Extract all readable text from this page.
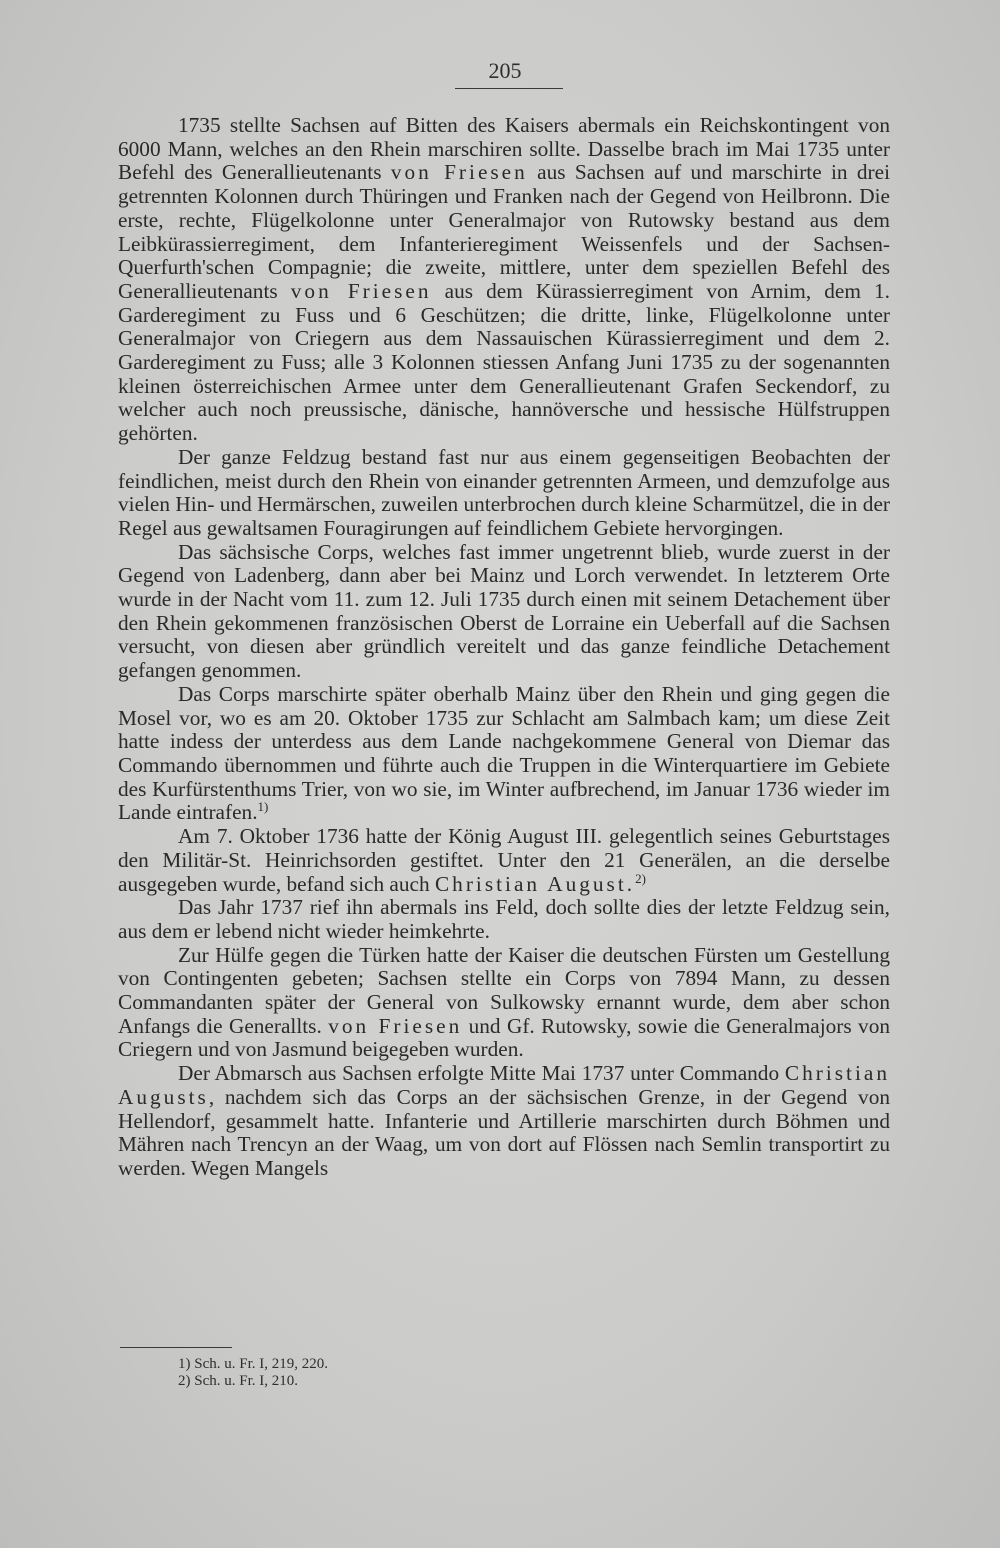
205

1735 stellte Sachsen auf Bitten des Kaisers abermals ein Reichskontingent von 6000 Mann, welches an den Rhein marschiren sollte. Dasselbe brach im Mai 1735 unter Befehl des Generallieutenants von Friesen aus Sachsen auf und marschirte in drei getrennten Kolonnen durch Thüringen und Franken nach der Gegend von Heilbronn. Die erste, rechte, Flügelkolonne unter Generalmajor von Rutowsky bestand aus dem Leibkürassierregiment, dem Infanterieregiment Weissenfels und der Sachsen-Querfurth'schen Compagnie; die zweite, mittlere, unter dem speziellen Befehl des Generallieutenants von Friesen aus dem Kürassierregiment von Arnim, dem 1. Garderegiment zu Fuss und 6 Geschützen; die dritte, linke, Flügelkolonne unter Generalmajor von Criegern aus dem Nassauischen Kürassierregiment und dem 2. Garderegiment zu Fuss; alle 3 Kolonnen stiessen Anfang Juni 1735 zu der sogenannten kleinen österreichischen Armee unter dem Generallieutenant Grafen Seckendorf, zu welcher auch noch preussische, dänische, hannöversche und hessische Hülfstruppen gehörten.

Der ganze Feldzug bestand fast nur aus einem gegenseitigen Beobachten der feindlichen, meist durch den Rhein von einander getrennten Armeen, und demzufolge aus vielen Hin- und Hermärschen, zuweilen unterbrochen durch kleine Scharmützel, die in der Regel aus gewaltsamen Fouragirungen auf feindlichem Gebiete hervorgingen.

Das sächsische Corps, welches fast immer ungetrennt blieb, wurde zuerst in der Gegend von Ladenberg, dann aber bei Mainz und Lorch verwendet. In letzterem Orte wurde in der Nacht vom 11. zum 12. Juli 1735 durch einen mit seinem Detachement über den Rhein gekommenen französischen Oberst de Lorraine ein Ueberfall auf die Sachsen versucht, von diesen aber gründlich vereitelt und das ganze feindliche Detachement gefangen genommen.

Das Corps marschirte später oberhalb Mainz über den Rhein und ging gegen die Mosel vor, wo es am 20. Oktober 1735 zur Schlacht am Salmbach kam; um diese Zeit hatte indess der unterdess aus dem Lande nachgekommene General von Diemar das Commando übernommen und führte auch die Truppen in die Winterquartiere im Gebiete des Kurfürstenthums Trier, von wo sie, im Winter aufbrechend, im Januar 1736 wieder im Lande eintrafen.$^{1)}$

Am 7. Oktober 1736 hatte der König August III. gelegentlich seines Geburtstages den Militär-St. Heinrichsorden gestiftet. Unter den 21 Generälen, an die derselbe ausgegeben wurde, befand sich auch Christian August.$^{2)}$

Das Jahr 1737 rief ihn abermals ins Feld, doch sollte dies der letzte Feldzug sein, aus dem er lebend nicht wieder heimkehrte.

Zur Hülfe gegen die Türken hatte der Kaiser die deutschen Fürsten um Gestellung von Contingenten gebeten; Sachsen stellte ein Corps von 7894 Mann, zu dessen Commandanten später der General von Sulkowsky ernannt wurde, dem aber schon Anfangs die Generallts. von Friesen und Gf. Rutowsky, sowie die Generalmajors von Criegern und von Jasmund beigegeben wurden.

Der Abmarsch aus Sachsen erfolgte Mitte Mai 1737 unter Commando Christian Augusts, nachdem sich das Corps an der sächsischen Grenze, in der Gegend von Hellendorf, gesammelt hatte. Infanterie und Artillerie marschirten durch Böhmen und Mähren nach Trencyn an der Waag, um von dort auf Flössen nach Semlin transportirt zu werden. Wegen Mangels

1) Sch. u. Fr. I, 219, 220.
2) Sch. u. Fr. I, 210.
